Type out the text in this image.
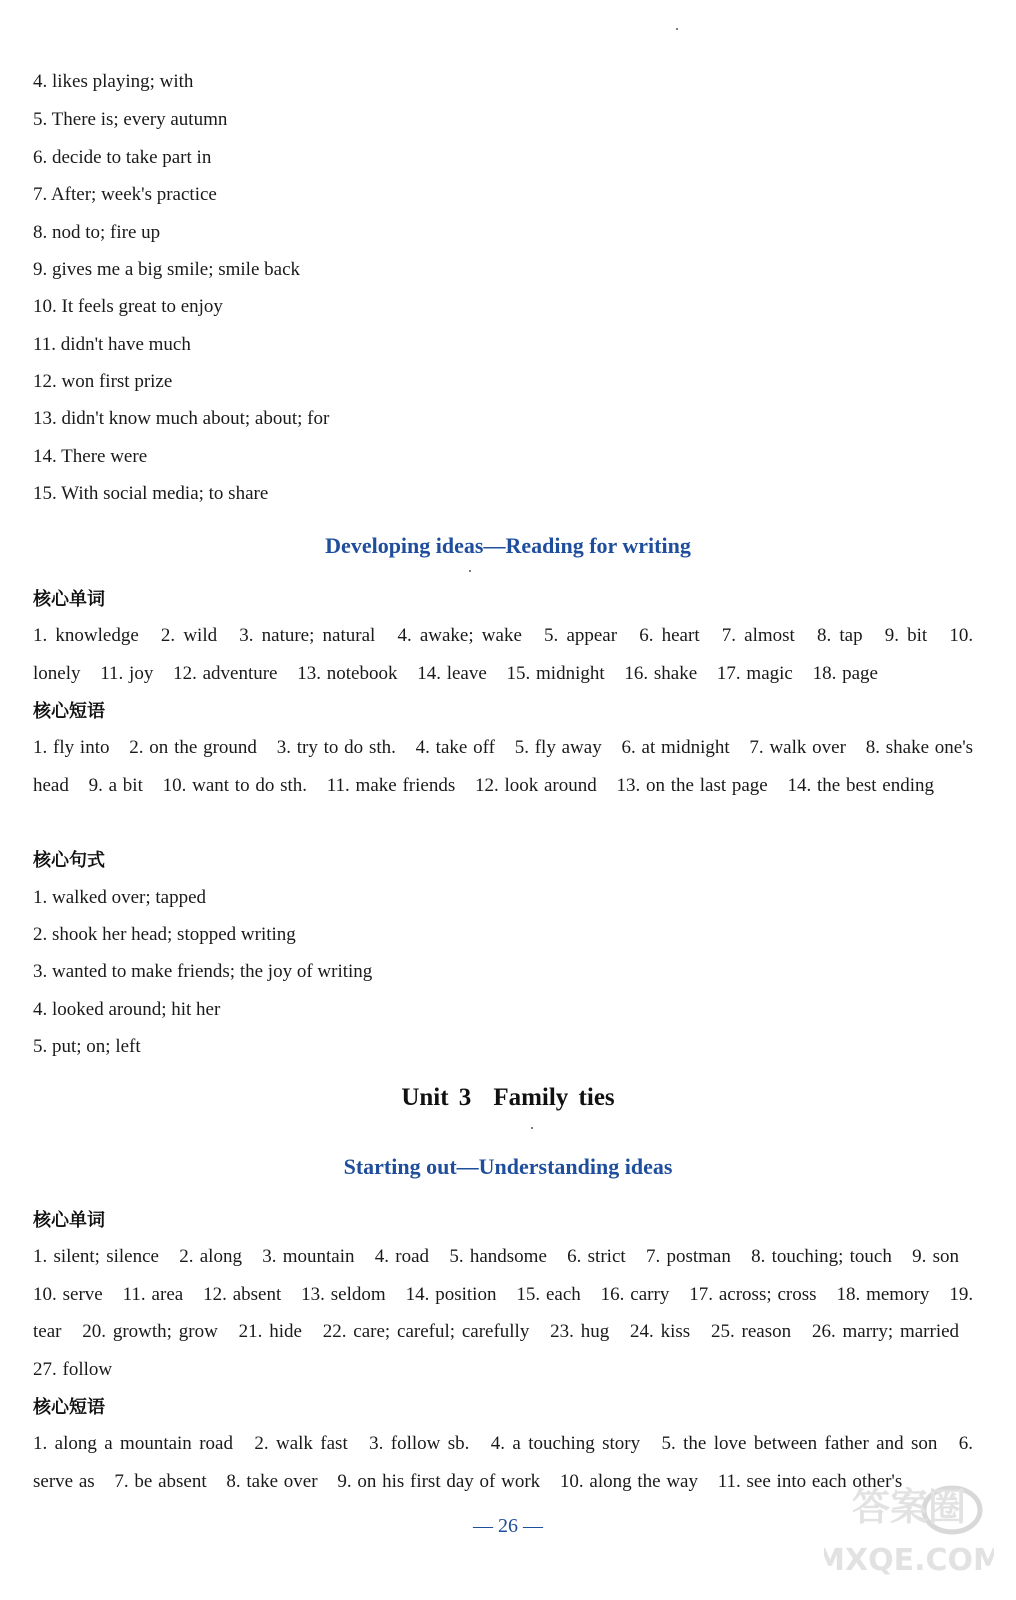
4. likes playing; with
5. There is; every autumn
6. decide to take part in
7. After; week's practice
8. nod to; fire up
9. gives me a big smile; smile back
10. It feels great to enjoy
11. didn't have much
12. won first prize
13. didn't know much about; about; for
14. There were
15. With social media; to share
Developing ideas—Reading for writing
核心单词
1. knowledge 2. wild 3. nature; natural 4. awake; wake 5. appear 6. heart 7. almost 8. tap 9. bit 10. lonely 11. joy 12. adventure 13. notebook 14. leave 15. midnight 16. shake 17. magic 18. page
核心短语
1. fly into 2. on the ground 3. try to do sth. 4. take off 5. fly away 6. at midnight 7. walk over 8. shake one's head 9. a bit 10. want to do sth. 11. make friends 12. look around 13. on the last page 14. the best ending
核心句式
1. walked over; tapped
2. shook her head; stopped writing
3. wanted to make friends; the joy of writing
4. looked around; hit her
5. put; on; left
Unit 3 Family ties
Starting out—Understanding ideas
核心单词
1. silent; silence 2. along 3. mountain 4. road 5. handsome 6. strict 7. postman 8. touching; touch 9. son 10. serve 11. area 12. absent 13. seldom 14. position 15. each 16. carry 17. across; cross 18. memory 19. tear 20. growth; grow 21. hide 22. care; careful; carefully 23. hug 24. kiss 25. reason 26. marry; married 27. follow
核心短语
1. along a mountain road 2. walk fast 3. follow sb. 4. a touching story 5. the love between father and son 6. serve as 7. be absent 8. take over 9. on his first day of work 10. along the way 11. see into each other's
— 26 —	答案圈
MXQE.COM
